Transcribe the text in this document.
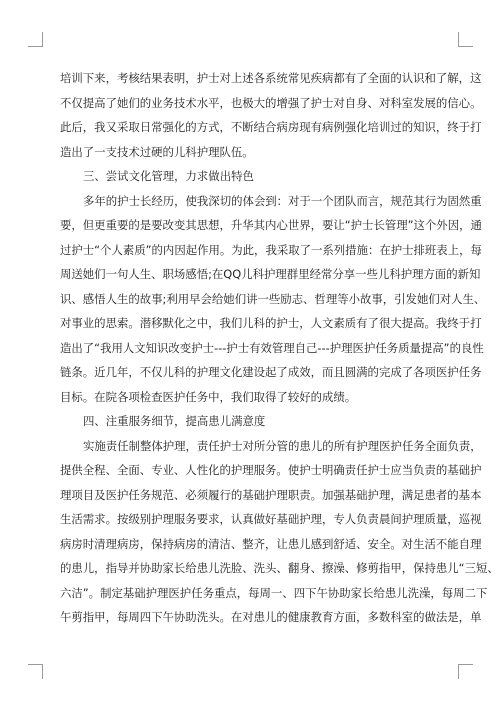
培训下来，考核结果表明，护士对上述各系统常见疾病都有了全面的认识和了解，这
不仅提高了她们的业务技术水平，也极大的增强了护士对自身、对科室发展的信心。
此后，我又采取日常强化的方式，不断结合病房现有病例强化培训过的知识，终于打
造出了一支技术过硬的儿科护理队伍。
三、尝试文化管理，力求做出特色
多年的护士长经历，使我深切的体会到：对于一个团队而言，规范其行为固然重
要，但更重要的是要改变其思想，升华其内心世界，要让“护士长管理”这个外因，通
过护士“个人素质”的内因起作用。为此，我采取了一系列措施：在护士排班表上，每
周送她们一句人生、职场感悟;在QQ儿科护理群里经常分享一些儿科护理方面的新知
识、感悟人生的故事;利用早会给她们讲一些励志、哲理等小故事，引发她们对人生、
对事业的思索。潜移默化之中，我们儿科的护士，人文素质有了很大提高。我终于打
造出了“我用人文知识改变护士---护士有效管理自己---护理医护任务质量提高”的良性
链条。近几年，不仅儿科的护理文化建设起了成效，而且圆满的完成了各项医护任务
目标。在院各项检查医护任务中，我们取得了较好的成绩。
四、注重服务细节，提高患儿满意度
实施责任制整体护理，责任护士对所分管的患儿的所有护理医护任务全面负责，
提供全程、全面、专业、人性化的护理服务。使护士明确责任护士应当负责的基础护
理项目及医护任务规范、必须履行的基础护理职责。加强基础护理，满足患者的基本
生活需求。按级别护理服务要求，认真做好基础护理，专人负责晨间护理质量，巡视
病房时清理病房，保持病房的清洁、整齐，让患儿感到舒适、安全。对生活不能自理
的患儿，指导并协助家长给患儿洗脸、洗头、翻身、擦澡、修剪指甲，保持患儿“三短、
六洁”。制定基础护理医护任务重点，每周一、四下午协助家长给患儿洗澡，每周二下
午剪指甲，每周四下午协助洗头。在对患儿的健康教育方面，多数科室的做法是，单
